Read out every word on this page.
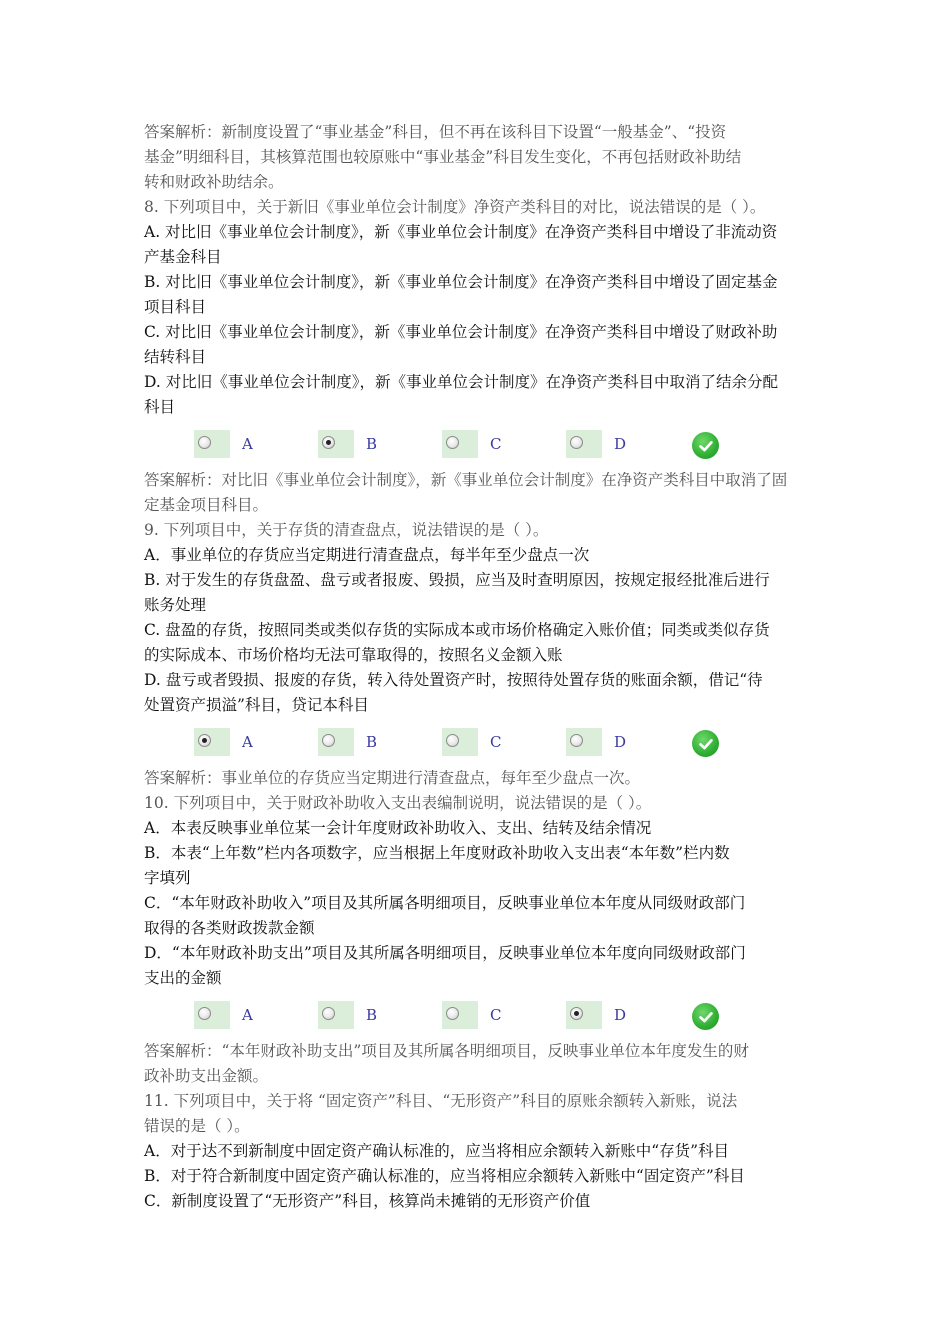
答案解析：新制度设置了“事业基金”科目，但不再在该科目下设置“一般基金”、“投资
基金”明细科目，其核算范围也较原账中“事业基金”科目发生变化，不再包括财政补助结
转和财政补助结余。
8. 下列项目中，关于新旧《事业单位会计制度》净资产类科目的对比，说法错误的是（ ）。
A. 对比旧《事业单位会计制度》，新《事业单位会计制度》在净资产类科目中增设了非流动资
产基金科目
B. 对比旧《事业单位会计制度》，新《事业单位会计制度》在净资产类科目中增设了固定基金
项目科目
C. 对比旧《事业单位会计制度》，新《事业单位会计制度》在净资产类科目中增设了财政补助
结转科目
D. 对比旧《事业单位会计制度》，新《事业单位会计制度》在净资产类科目中取消了结余分配
科目
A	B	C	D
答案解析：对比旧《事业单位会计制度》，新《事业单位会计制度》在净资产类科目中取消了固
定基金项目科目。
9. 下列项目中，关于存货的清查盘点，说法错误的是（ ）。
A．事业单位的存货应当定期进行清查盘点，每半年至少盘点一次
B. 对于发生的存货盘盈、盘亏或者报废、毁损，应当及时查明原因，按规定报经批准后进行
账务处理
C. 盘盈的存货，按照同类或类似存货的实际成本或市场价格确定入账价值；同类或类似存货
的实际成本、市场价格均无法可靠取得的，按照名义金额入账
D. 盘亏或者毁损、报废的存货，转入待处置资产时，按照待处置存货的账面余额，借记“待
处置资产损溢”科目，贷记本科目
A	B	C	D
答案解析：事业单位的存货应当定期进行清查盘点，每年至少盘点一次。
10. 下列项目中，关于财政补助收入支出表编制说明，说法错误的是（ ）。
A．本表反映事业单位某一会计年度财政补助收入、支出、结转及结余情况
B．本表“上年数”栏内各项数字，应当根据上年度财政补助收入支出表“本年数”栏内数
字填列
C．“本年财政补助收入”项目及其所属各明细项目，反映事业单位本年度从同级财政部门
取得的各类财政拨款金额
D．“本年财政补助支出”项目及其所属各明细项目，反映事业单位本年度向同级财政部门
支出的金额
A	B	C	D
答案解析：“本年财政补助支出”项目及其所属各明细项目，反映事业单位本年度发生的财
政补助支出金额。
11. 下列项目中，关于将 “固定资产”科目、“无形资产”科目的原账余额转入新账，说法
错误的是（ ）。
A．对于达不到新制度中固定资产确认标准的，应当将相应余额转入新账中“存货”科目
B．对于符合新制度中固定资产确认标准的，应当将相应余额转入新账中“固定资产”科目
C．新制度设置了“无形资产”科目，核算尚未摊销的无形资产价值
